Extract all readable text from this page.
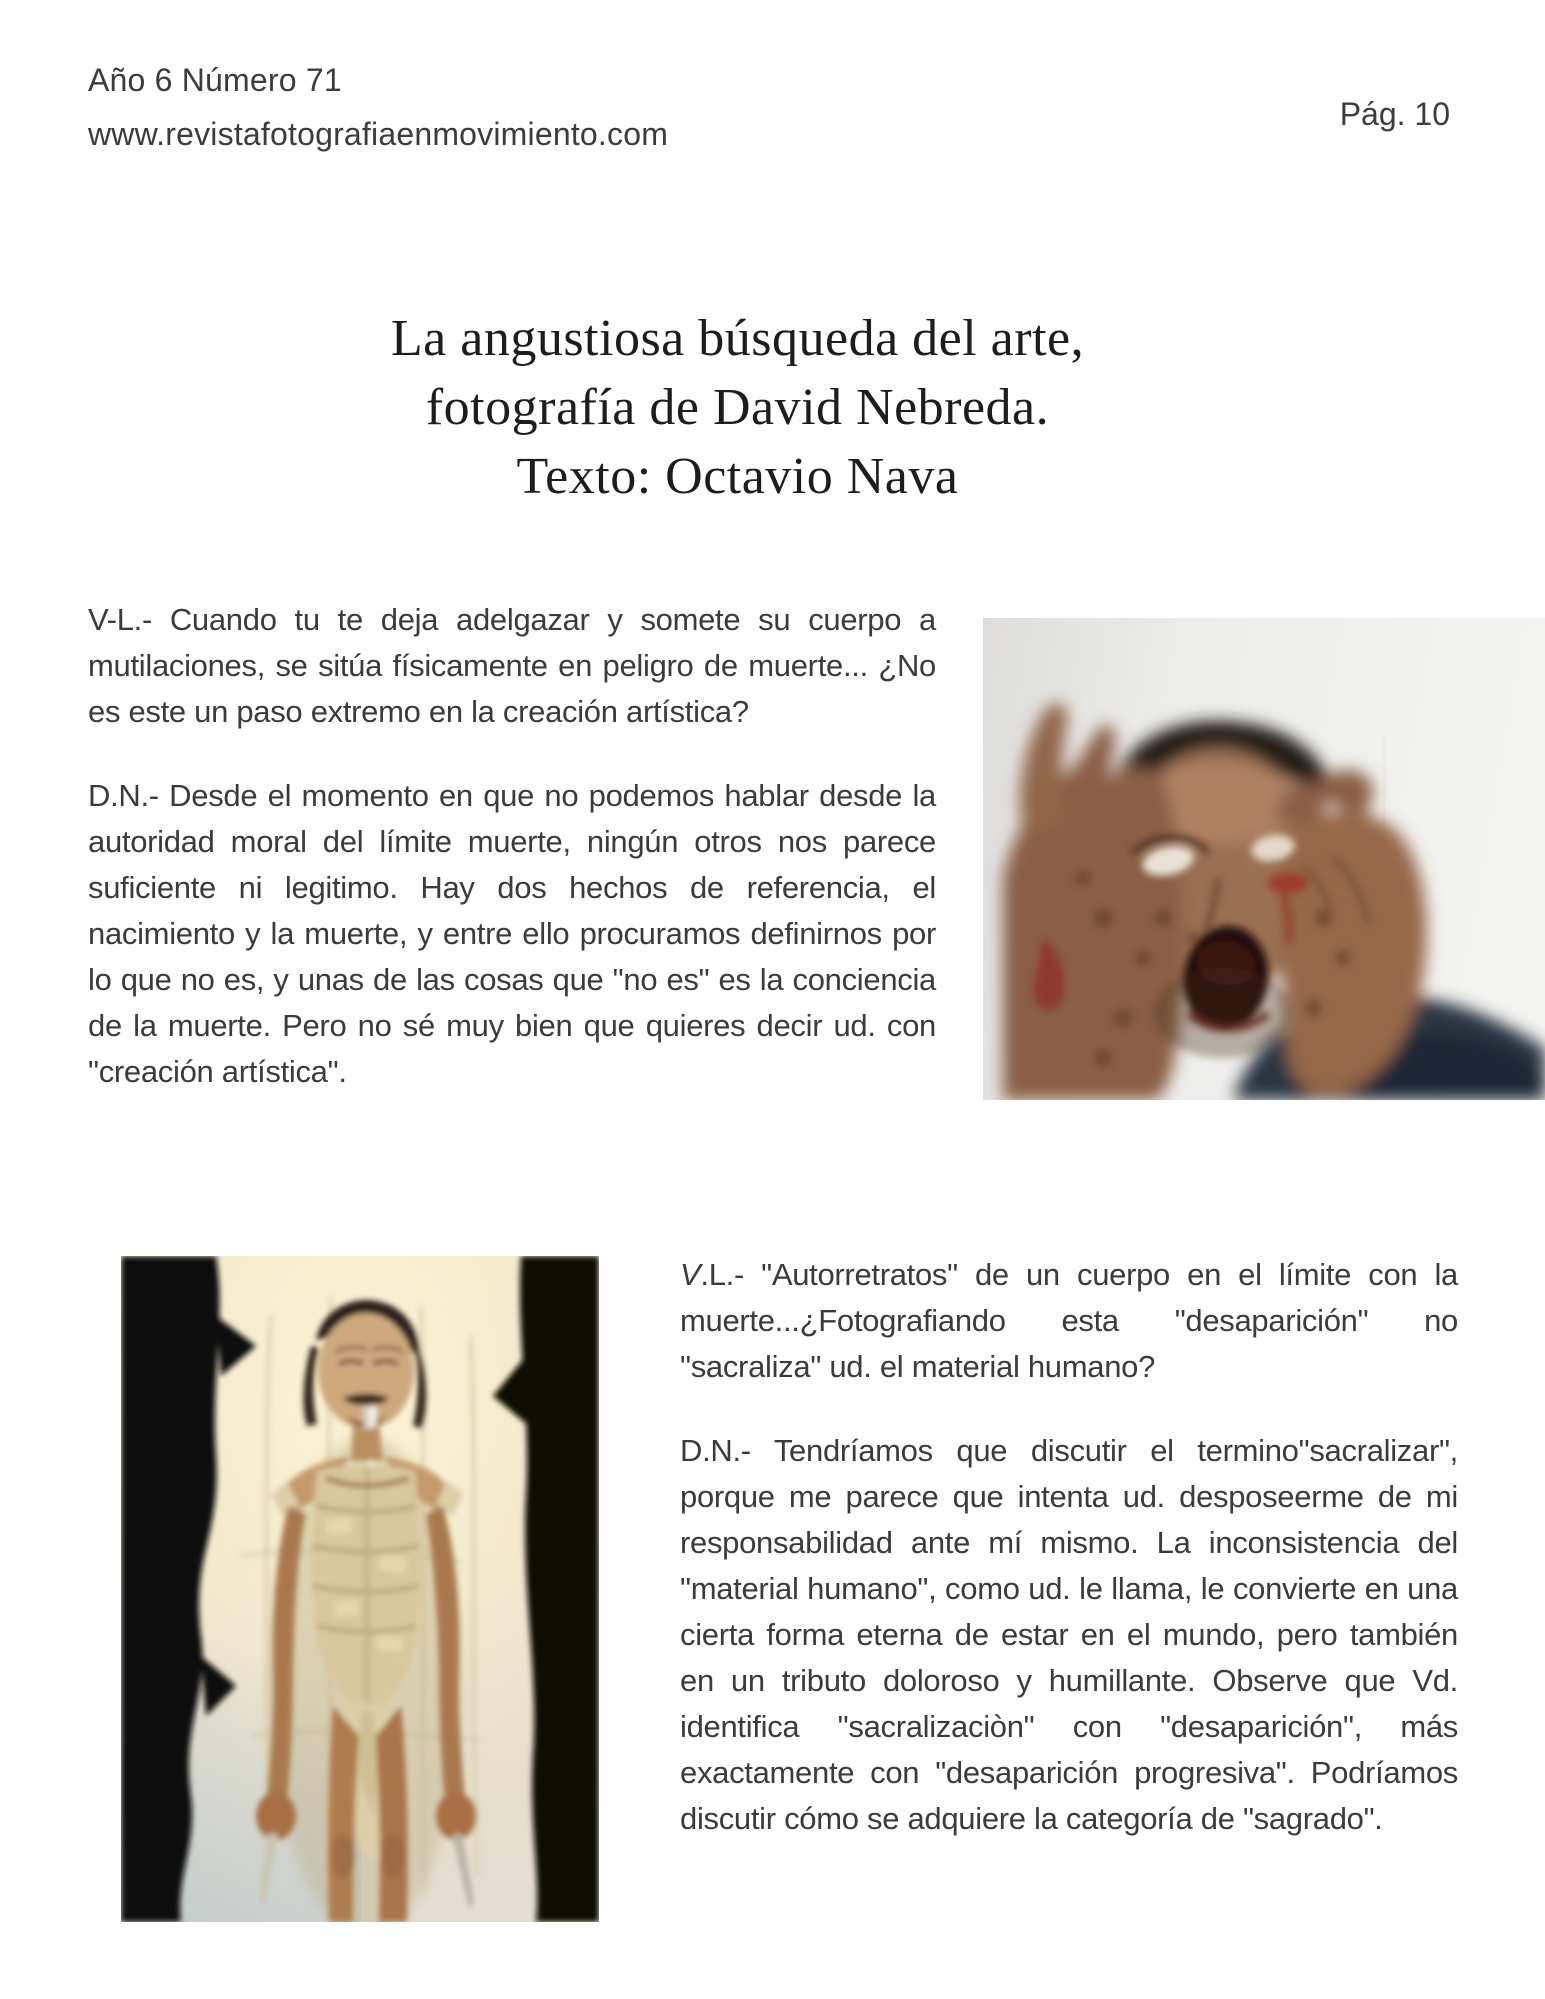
Año 6 Número 71
www.revistafotografiaenmovimiento.com
Pág. 10
La angustiosa búsqueda del arte,
fotografía de David Nebreda.
Texto: Octavio Nava

V-L.- Cuando tu te deja adelgazar y somete su cuerpo a mutilaciones, se sitúa físicamente en peligro de muerte... ¿No es este un paso extremo en la creación artística?

D.N.- Desde el momento en que no podemos hablar desde la autoridad moral del límite muerte, ningún otros nos parece suficiente ni legitimo. Hay dos hechos de referencia, el nacimiento y la muerte, y entre ello procuramos definirnos por lo que no es, y unas de las cosas que "no es" es la conciencia de la muerte. Pero no sé muy bien que quieres decir ud. con "creación artística".

V.L.- "Autorretratos" de un cuerpo en el límite con la muerte...¿Fotografiando esta "desaparición" no "sacraliza" ud. el material humano?

D.N.- Tendríamos que discutir el termino"sacralizar", porque me parece que intenta ud. desposeerme de mi responsabilidad ante mí mismo. La inconsistencia del "material humano", como ud. le llama, le convierte en una cierta forma eterna de estar en el mundo, pero también en un tributo doloroso y humillante. Observe que Vd. identifica "sacralizaciòn" con "desaparición", más exactamente con "desaparición progresiva". Podríamos discutir cómo se adquiere la categoría de "sagrado".
